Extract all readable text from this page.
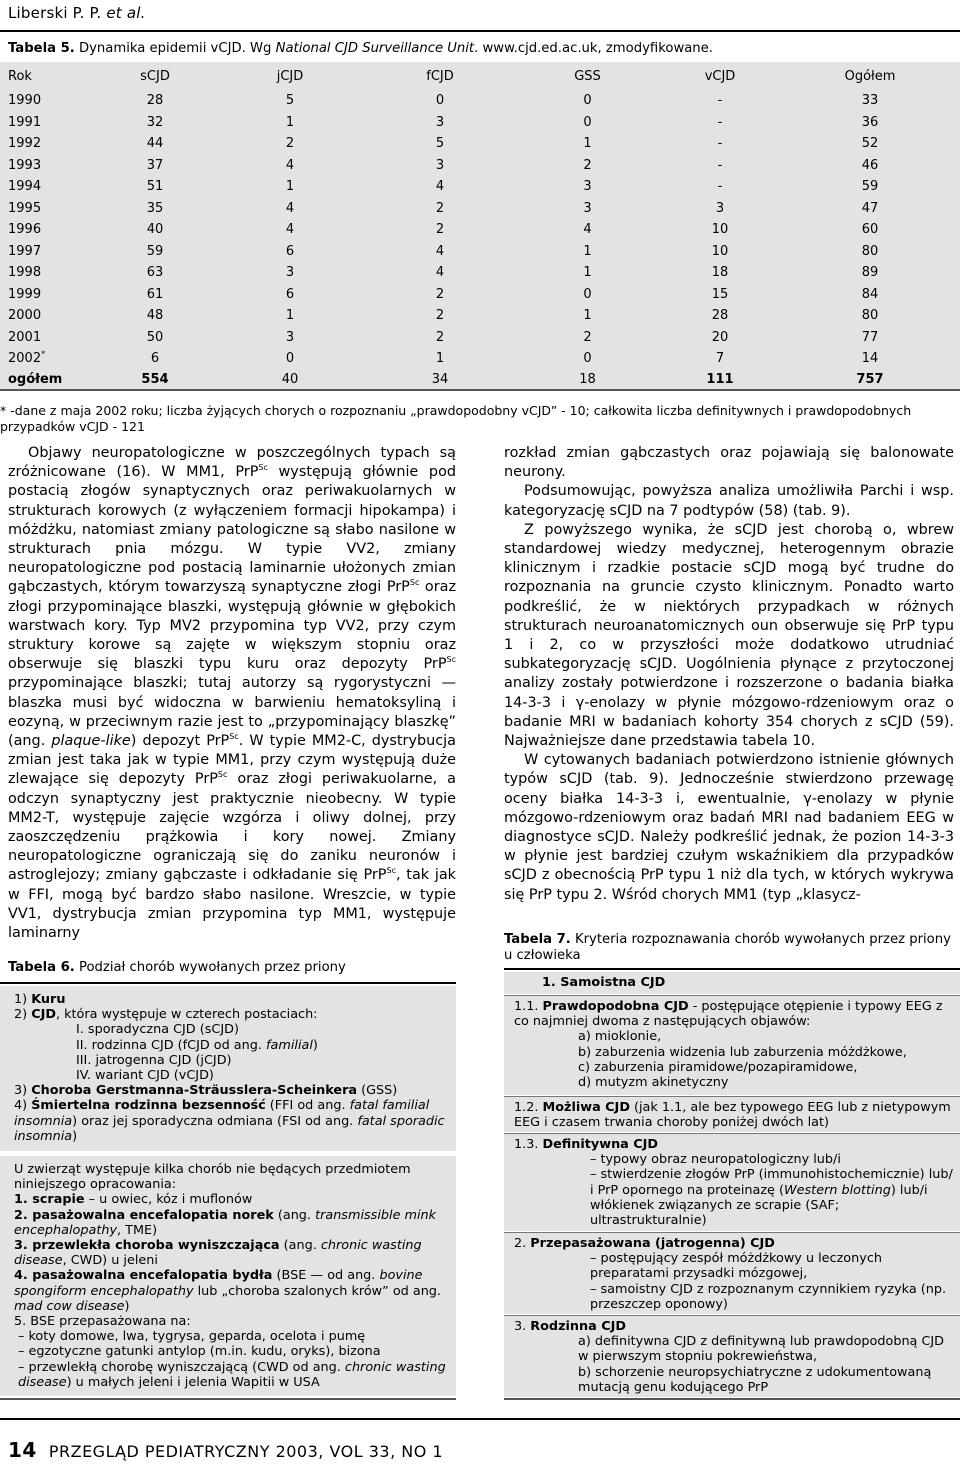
Liberski P. P. et al.
Tabela 5. Dynamika epidemii vCJD. Wg National CJD Surveillance Unit. www.cjd.ed.ac.uk, zmodyfikowane.
Rok	sCJD	jCJD	fCJD	GSS	vCJD	Ogółem
1990	28	5	0	0	-	33
1991	32	1	3	0	-	36
1992	44	2	5	1	-	52
1993	37	4	3	2	-	46
1994	51	1	4	3	-	59
1995	35	4	2	3	3	47
1996	40	4	2	4	10	60
1997	59	6	4	1	10	80
1998	63	3	4	1	18	89
1999	61	6	2	0	15	84
2000	48	1	2	1	28	80
2001	50	3	2	2	20	77
2002*	6	0	1	0	7	14
ogółem	554	40	34	18	111	757
* -dane z maja 2002 roku; liczba żyjących chorych o rozpoznaniu „prawdopodobny vCJD” - 10; całkowita liczba definitywnych i prawdopodobnych przypadków vCJD - 121

Objawy neuropatologiczne w poszczególnych typach są zróżnicowane (16). W MM1, PrP$^{Sc}$ występują głównie pod postacią złogów synaptycznych oraz periwakuolarnych w strukturach korowych (z wyłączeniem formacji hipokampa) i móżdżku, natomiast zmiany patologiczne są słabo nasilone w strukturach pnia mózgu. W typie VV2, zmiany neuropatologiczne pod postacią laminarnie ułożonych zmian gąbczastych, którym towarzyszą synaptyczne złogi PrP$^{Sc}$ oraz złogi przypominające blaszki, występują głównie w głębokich warstwach kory. Typ MV2 przypomina typ VV2, przy czym struktury korowe są zajęte w większym stopniu oraz obserwuje się blaszki typu kuru oraz depozyty PrP$^{Sc}$ przypominające blaszki; tutaj autorzy są rygorystyczni — blaszka musi być widoczna w barwieniu hematoksyliną i eozyną, w przeciwnym razie jest to „przypominający blaszkę” (ang. plaque-like) depozyt PrP$^{Sc}$. W typie MM2-C, dystrybucja zmian jest taka jak w typie MM1, przy czym występują duże zlewające się depozyty PrP$^{Sc}$ oraz złogi periwakuolarne, a odczyn synaptyczny jest praktycznie nieobecny. W typie MM2-T, występuje zajęcie wzgórza i oliwy dolnej, przy zaoszczędzeniu prążkowia i kory nowej. Zmiany neuropatologiczne ograniczają się do zaniku neuronów i astroglejozy; zmiany gąbczaste i odkładanie się PrP$^{Sc}$, tak jak w FFI, mogą być bardzo słabo nasilone. Wreszcie, w typie VV1, dystrybucja zmian przypomina typ MM1, występuje laminarny

rozkład zmian gąbczastych oraz pojawiają się balonowate neurony.

Podsumowując, powyższa analiza umożliwiła Parchi i wsp. kategoryzację sCJD na 7 podtypów (58) (tab. 9).

Z powyższego wynika, że sCJD jest chorobą o, wbrew standardowej wiedzy medycznej, heterogennym obrazie klinicznym i rzadkie postacie sCJD mogą być trudne do rozpoznania na gruncie czysto klinicznym. Ponadto warto podkreślić, że w niektórych przypadkach w różnych strukturach neuroanatomicznych oun obserwuje się PrP typu 1 i 2, co w przyszłości może dodatkowo utrudniać subkategoryzację sCJD. Uogólnienia płynące z przytoczonej analizy zostały potwierdzone i rozszerzone o badania białka 14-3-3 i γ-enolazy w płynie mózgowo-rdzeniowym oraz o badanie MRI w badaniach kohorty 354 chorych z sCJD (59). Najważniejsze dane przedstawia tabela 10.

W cytowanych badaniach potwierdzono istnienie głównych typów sCJD (tab. 9). Jednocześnie stwierdzono przewagę oceny białka 14-3-3 i, ewentualnie, γ-enolazy w płynie mózgowo-rdzeniowym oraz badań MRI nad badaniem EEG w diagnostyce sCJD. Należy podkreślić jednak, że pozion 14-3-3 w płynie jest bardziej czułym wskaźnikiem dla przypadków sCJD z obecnością PrP typu 1 niż dla tych, w których wykrywa się PrP typu 2. Wśród chorych MM1 (typ „klasycz-

Tabela 6. Podział chorób wywołanych przez priony
1) Kuru
2) CJD, która występuje w czterech postaciach:
I. sporadyczna CJD (sCJD)
II. rodzinna CJD (fCJD od ang. familial)
III. jatrogenna CJD (jCJD)
IV. wariant CJD (vCJD)
3) Choroba Gerstmanna-Sträusslera-Scheinkera (GSS)
4) Śmiertelna rodzinna bezsenność (FFI od ang. fatal familial insomnia) oraz jej sporadyczna odmiana (FSI od ang. fatal sporadic insomnia)
U zwierząt występuje kilka chorób nie będących przedmiotem niniejszego opracowania:
1. scrapie – u owiec, kóz i muflonów
2. pasażowalna encefalopatia norek (ang. transmissible mink encephalopathy, TME)
3. przewlekła choroba wyniszczająca (ang. chronic wasting disease, CWD) u jeleni
4. pasażowalna encefalopatia bydła (BSE — od ang. bovine spongiform encephalopathy lub „choroba szalonych krów” od ang. mad cow disease)
5. BSE przepasażowana na:
– koty domowe, lwa, tygrysa, geparda, ocelota i pumę
– egzotyczne gatunki antylop (m.in. kudu, oryks), bizona
– przewlekłą chorobę wyniszczającą (CWD od ang. chronic wasting disease) u małych jeleni i jelenia Wapitii w USA
Tabela 7. Kryteria rozpoznawania chorób wywołanych przez priony u człowieka
1. Samoistna CJD
1.1. Prawdopodobna CJD - postępujące otępienie i typowy EEG z co najmniej dwoma z następujących objawów:
a) mioklonie,
b) zaburzenia widzenia lub zaburzenia móżdżkowe,
c) zaburzenia piramidowe/pozapiramidowe,
d) mutyzm akinetyczny
1.2. Możliwa CJD (jak 1.1, ale bez typowego EEG lub z nietypowym EEG i czasem trwania choroby poniżej dwóch lat)
1.3. Definitywna CJD
– typowy obraz neuropatologiczny lub/i
– stwierdzenie złogów PrP (immunohistochemicznie) lub/ i PrP opornego na proteinazę (Western blotting) lub/i włókienek związanych ze scrapie (SAF; ultrastrukturalnie)
2. Przepasażowana (jatrogenna) CJD
– postępujący zespół móżdżkowy u leczonych preparatami przysadki mózgowej,
– samoistny CJD z rozpoznanym czynnikiem ryzyka (np. przeszczep oponowy)
3. Rodzinna CJD
a) definitywna CJD z definitywną lub prawdopodobną CJD w pierwszym stopniu pokrewieństwa,
b) schorzenie neuropsychiatryczne z udokumentowaną mutacją genu kodującego PrP
14 PRZEGLĄD PEDIATRYCZNY 2003, VOL 33, NO 1
